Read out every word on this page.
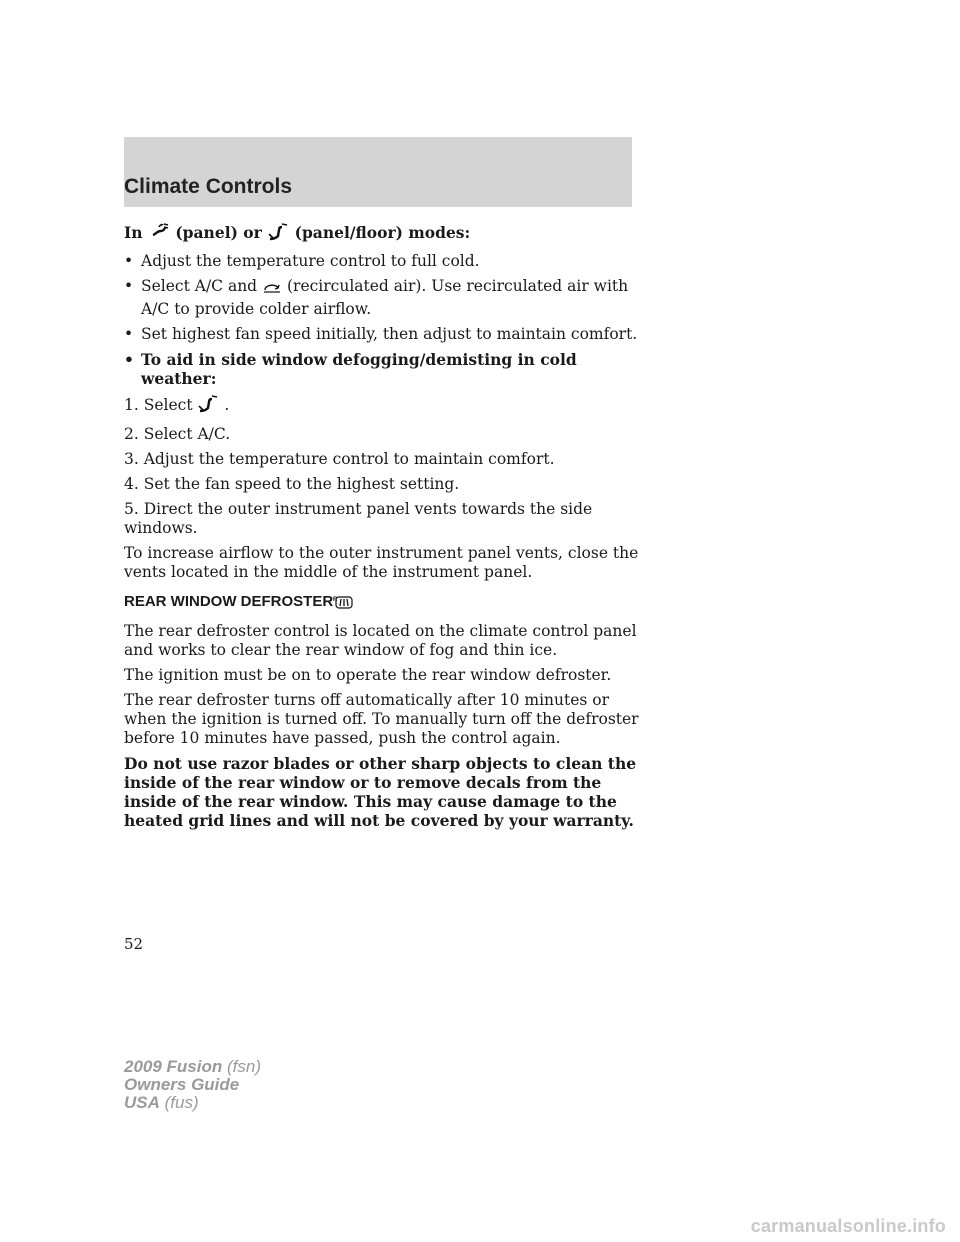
Climate Controls

In (panel) or (panel/floor) modes:

• Adjust the temperature control to full cold.
• Select A/C and (recirculated air). Use recirculated air with A/C to provide colder airflow.
• Set highest fan speed initially, then adjust to maintain comfort.
• To aid in side window defogging/demisting in cold weather:

1. Select .

2. Select A/C.

3. Adjust the temperature control to maintain comfort.

4. Set the fan speed to the highest setting.

5. Direct the outer instrument panel vents towards the side windows.

To increase airflow to the outer instrument panel vents, close the vents located in the middle of the instrument panel.

REAR WINDOW DEFROSTER R

The rear defroster control is located on the climate control panel and works to clear the rear window of fog and thin ice.

The ignition must be on to operate the rear window defroster.

The rear defroster turns off automatically after 10 minutes or when the ignition is turned off. To manually turn off the defroster before 10 minutes have passed, push the control again.

Do not use razor blades or other sharp objects to clean the inside of the rear window or to remove decals from the inside of the rear window. This may cause damage to the heated grid lines and will not be covered by your warranty.

52
2009 Fusion (fsn)
Owners Guide
USA (fus)
carmanualsonline.info
